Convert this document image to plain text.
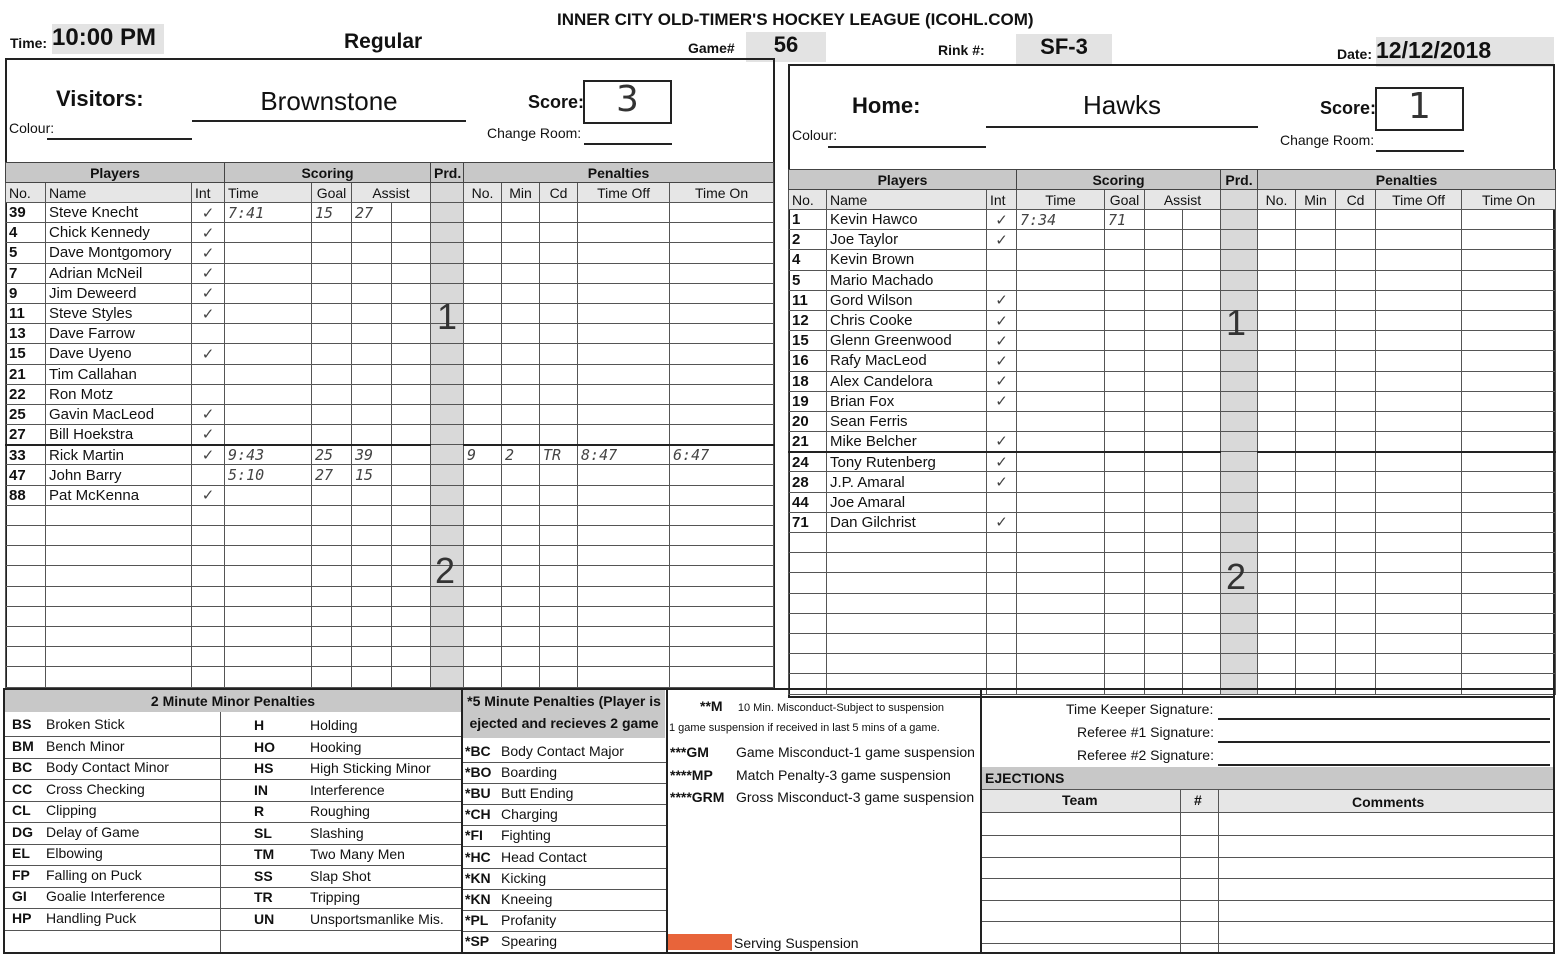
INNER CITY OLD-TIMER'S HOCKEY LEAGUE (ICOHL.COM)
Time: 10:00 PM	Regular	Game#	56	Rink #:	SF-3	Date: 12/12/2018
Visitors:	Brownstone	Score: 3
Colour:	Change Room:
Players			Scoring				Prd.	Penalties				
No.	Name	Int	Time	Goal	Assist			No.	Min	Cd	Time Off	Time On
39	Steve Knecht	✓	7:41	15	27							
4	Chick Kennedy	✓										
5	Dave Montgomory	✓										
7	Adrian McNeil	✓										
9	Jim Deweerd	✓										
11	Steve Styles	✓										
13	Dave Farrow											
15	Dave Uyeno	✓										
21	Tim Callahan											
22	Ron Motz											
25	Gavin MacLeod	✓										
27	Bill Hoekstra	✓										
33	Rick Martin	✓	9:43	25	39			9	2	TR	8:47	6:47
47	John Barry		5:10	27	15							
88	Pat McKenna	✓										

1
2
Home:	Hawks	Score: 1
Colour:	Change Room:
Players			Scoring				Prd.	Penalties				
No.	Name	Int	Time	Goal	Assist			No.	Min	Cd	Time Off	Time On
1	Kevin Hawco	✓	7:34	71								
2	Joe Taylor	✓										
4	Kevin Brown											
5	Mario Machado											
11	Gord Wilson	✓										
12	Chris Cooke	✓										
15	Glenn Greenwood	✓										
16	Rafy MacLeod	✓										
18	Alex Candelora	✓										
19	Brian Fox	✓										
20	Sean Ferris											
21	Mike Belcher	✓										
24	Tony Rutenberg	✓										
28	J.P. Amaral	✓										
44	Joe Amaral											
71	Dan Gilchrist	✓										

1
2
2 Minute Minor Penalties
BS Broken Stick
BM Bench Minor
BC Body Contact Minor
CC Cross Checking
CL Clipping
DG Delay of Game
EL Elbowing
FP Falling on Puck
GI Goalie Interference
HP Handling Puck
H	Holding
HO	Hooking
HS	High Sticking Minor
IN	Interference
R	Roughing
SL	Slashing
TM	Two Many Men
SS	Slap Shot
TR	Tripping
UN	Unsportsmanlike Mis.
*5 Minute Penalties (Player is
ejected and recieves 2 game
*BC Body Contact Major
*BO Boarding
*BU Butt Ending
*CH Charging
*FI Fighting
*HC Head Contact
*KN Kicking
*KN Kneeing
*PL Profanity
*SP Spearing
**M 10 Min. Misconduct-Subject to suspension
1 game suspension if received in last 5 mins of a game.
***GM Game Misconduct-1 game suspension
****MP Match Penalty-3 game suspension
****GRM Gross Misconduct-3 game suspension
Serving Suspension
Time Keeper Signature:
Referee #1 Signature:
Referee #2 Signature:
EJECTIONS
Team	#	Comments
